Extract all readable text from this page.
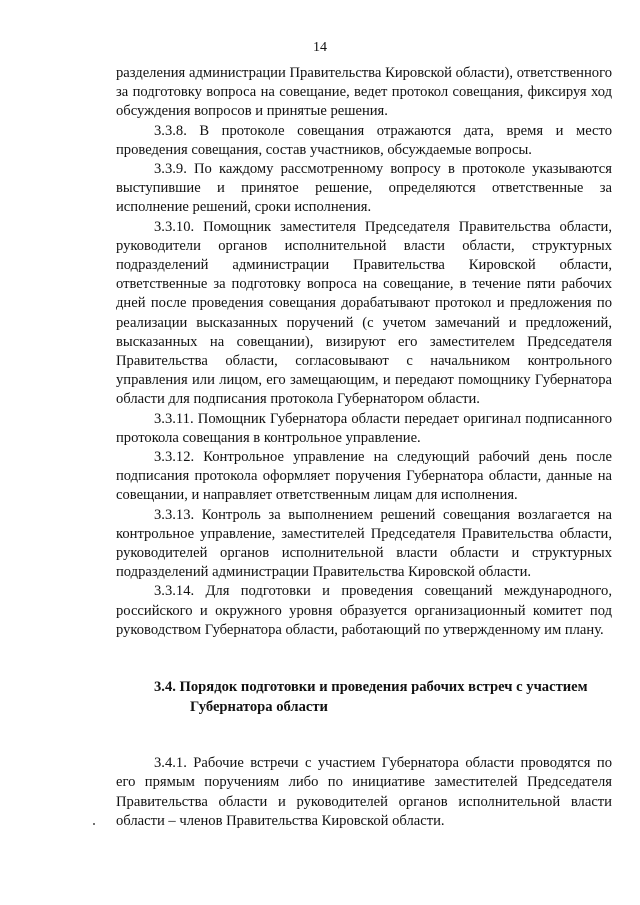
14

разделения администрации Правительства Кировской области), ответственного за подготовку вопроса на совещание, ведет протокол совещания, фиксируя ход обсуждения вопросов и принятые решения.

3.3.8. В протоколе совещания отражаются дата, время и место проведения совещания, состав участников, обсуждаемые вопросы.

3.3.9. По каждому рассмотренному вопросу в протоколе указываются выступившие и принятое решение, определяются ответственные за исполнение решений, сроки исполнения.

3.3.10. Помощник заместителя Председателя Правительства области, руководители органов исполнительной власти области, структурных подразделений администрации Правительства Кировской области, ответственные за подготовку вопроса на совещание, в течение пяти рабочих дней после проведения совещания дорабатывают протокол и предложения по реализации высказанных поручений (с учетом замечаний и предложений, высказанных на совещании), визируют его заместителем Председателя Правительства области, согласовывают с начальником контрольного управления или лицом, его замещающим, и передают помощнику Губернатора области для подписания протокола Губернатором области.

3.3.11. Помощник Губернатора области передает оригинал подписанного протокола совещания в контрольное управление.

3.3.12. Контрольное управление на следующий рабочий день после подписания протокола оформляет поручения Губернатора области, данные на совещании, и направляет ответственным лицам для исполнения.

3.3.13. Контроль за выполнением решений совещания возлагается на контрольное управление, заместителей Председателя Правительства области, руководителей органов исполнительной власти области и структурных подразделений администрации Правительства Кировской области.

3.3.14. Для подготовки и проведения совещаний международного, российского и окружного уровня образуется организационный комитет под руководством Губернатора области, работающий по утвержденному им плану.

3.4. Порядок подготовки и проведения рабочих встреч с участием
Губернатора области

3.4.1. Рабочие встречи с участием Губернатора области проводятся по его прямым поручениям либо по инициативе заместителей Председателя Правительства области и руководителей органов исполнительной власти области – членов Правительства Кировской области.
